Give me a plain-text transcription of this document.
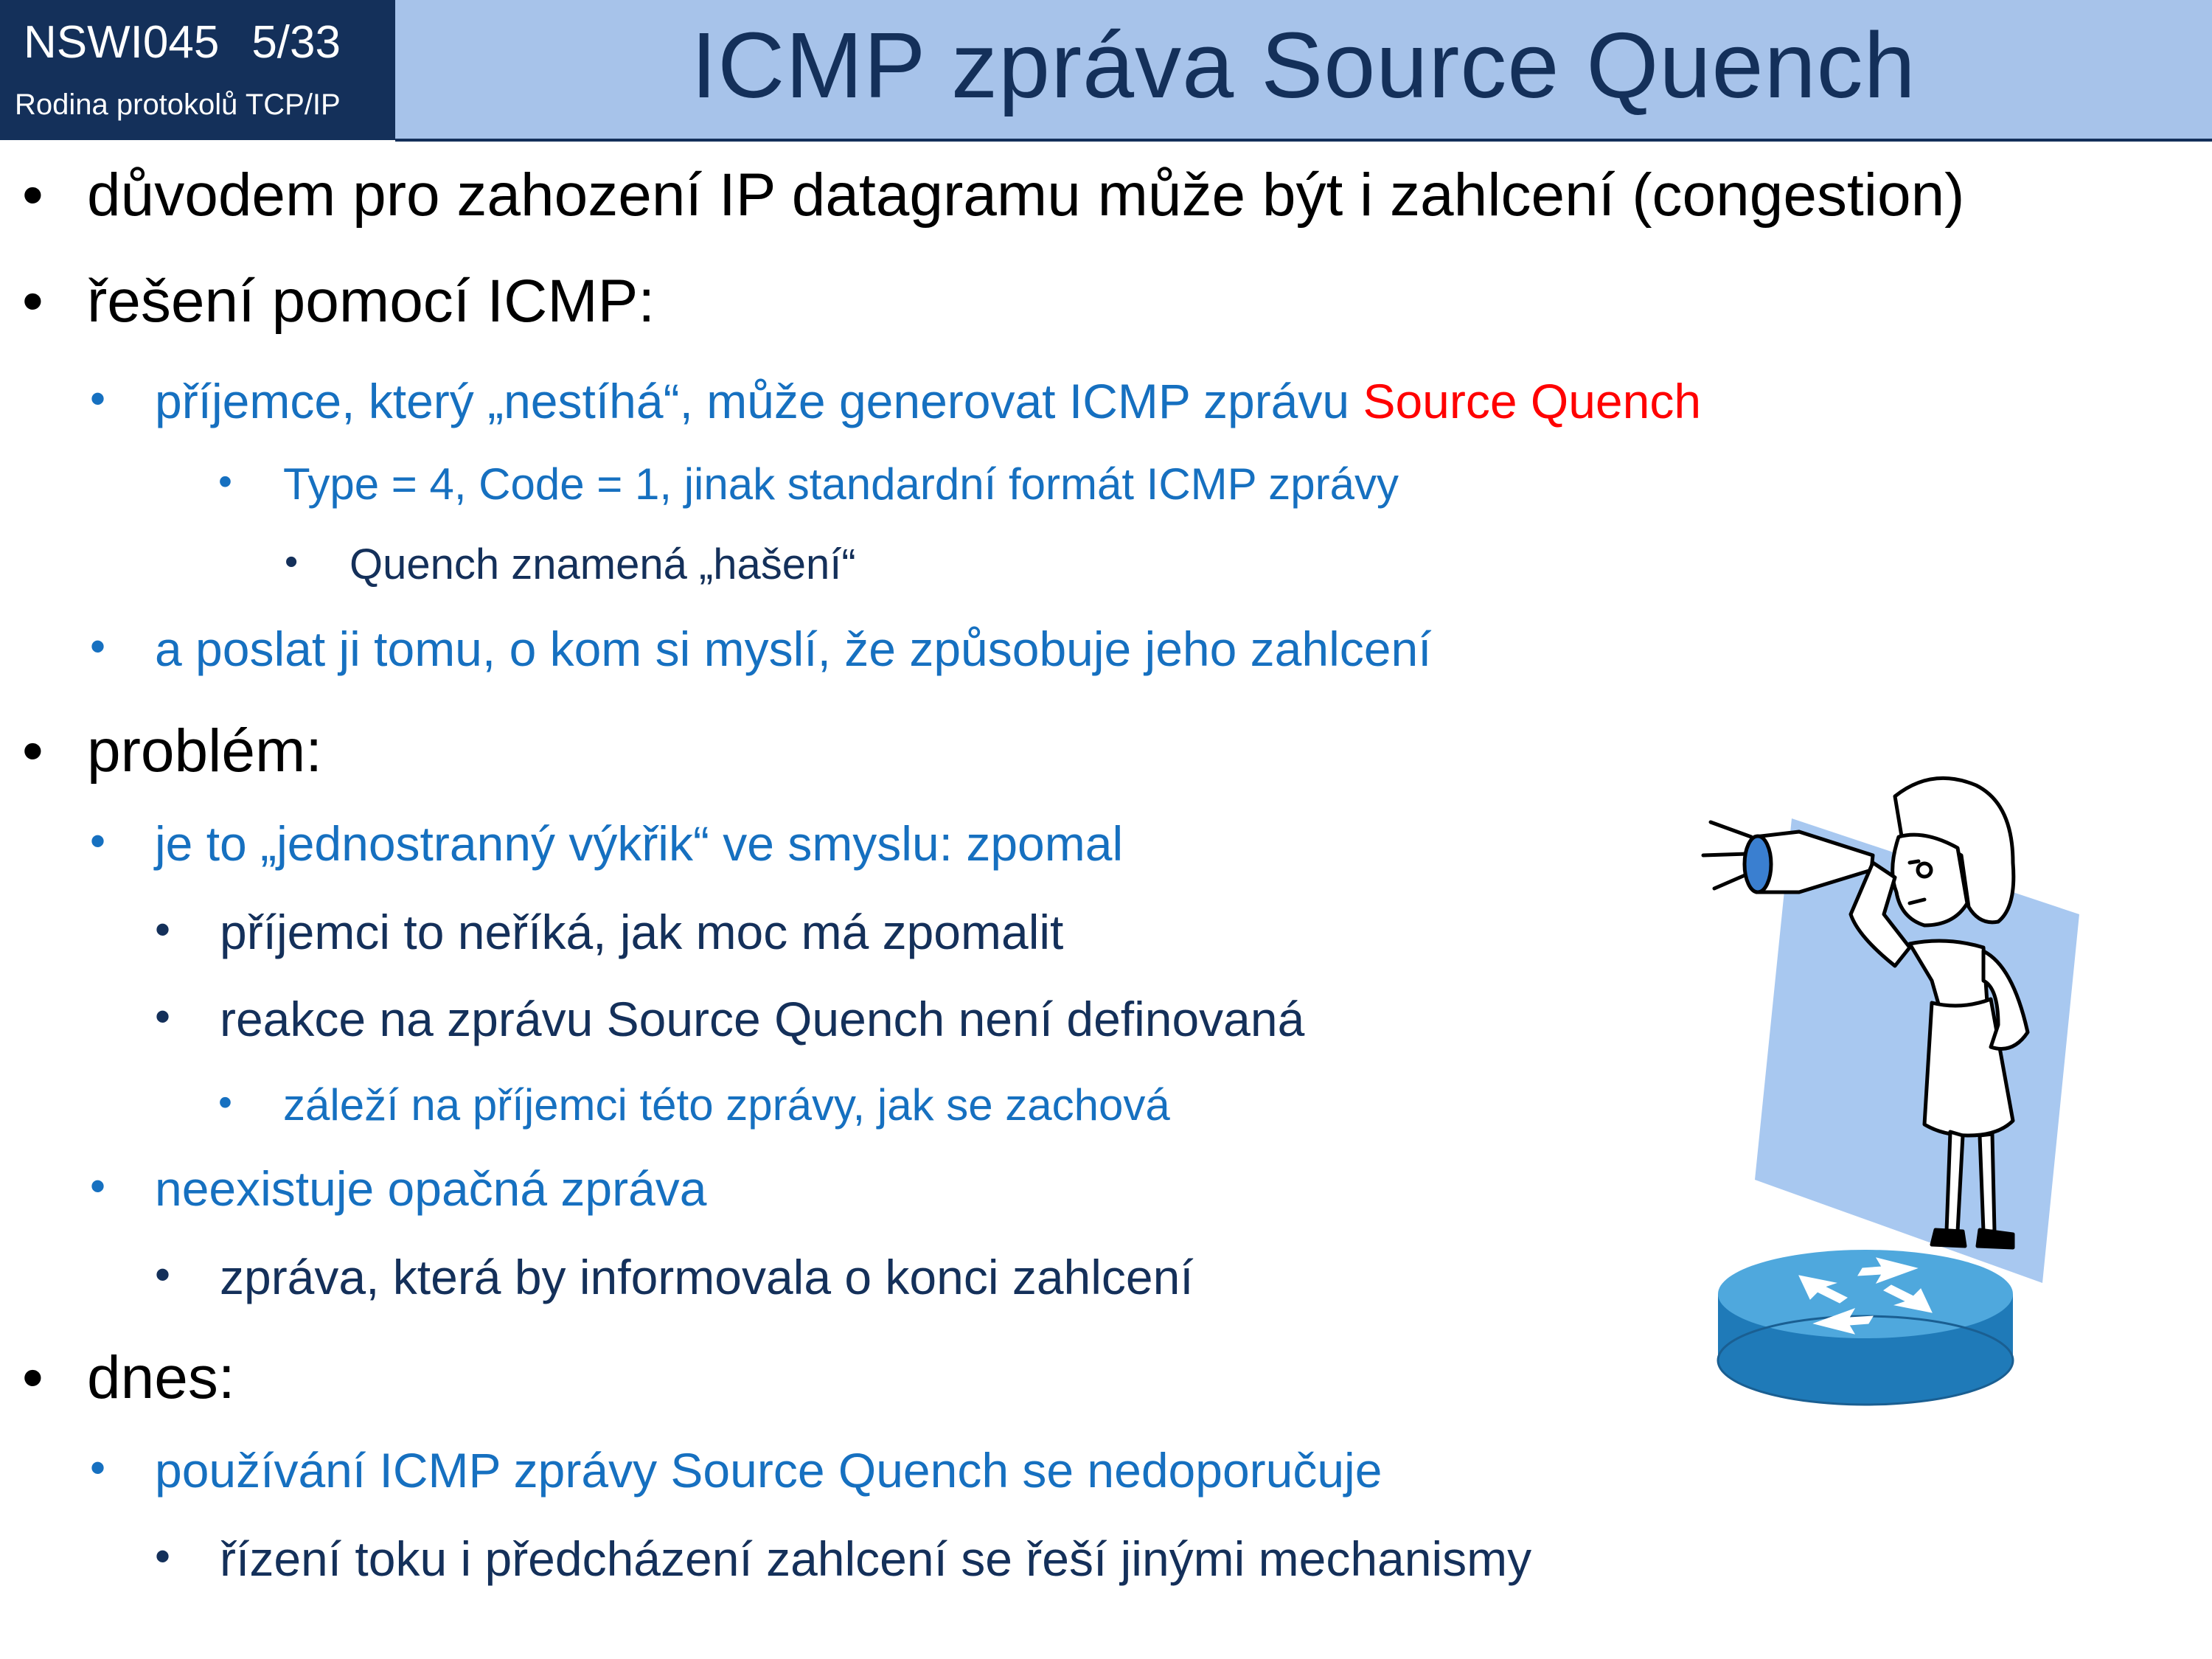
NSWI045 5/33
Rodina protokolů TCP/IP	ICMP zpráva Source Quench
• důvodem pro zahození IP datagramu může být i zahlcení (congestion)
• řešení pomocí ICMP:
• příjemce, který „nestíhá“, může generovat ICMP zprávu Source Quench
• Type = 4, Code = 1, jinak standardní formát ICMP zprávy
• Quench znamená „hašení“
• a poslat ji tomu, o kom si myslí, že způsobuje jeho zahlcení
• problém:
• je to „jednostranný výkřik“ ve smyslu: zpomal
• příjemci to neříká, jak moc má zpomalit
• reakce na zprávu Source Quench není definovaná
• záleží na příjemci této zprávy, jak se zachová
• neexistuje opačná zpráva
• zpráva, která by informovala o konci zahlcení
• dnes:
• používání ICMP zprávy Source Quench se nedoporučuje
• řízení toku i předcházení zahlcení se řeší jinými mechanismy
